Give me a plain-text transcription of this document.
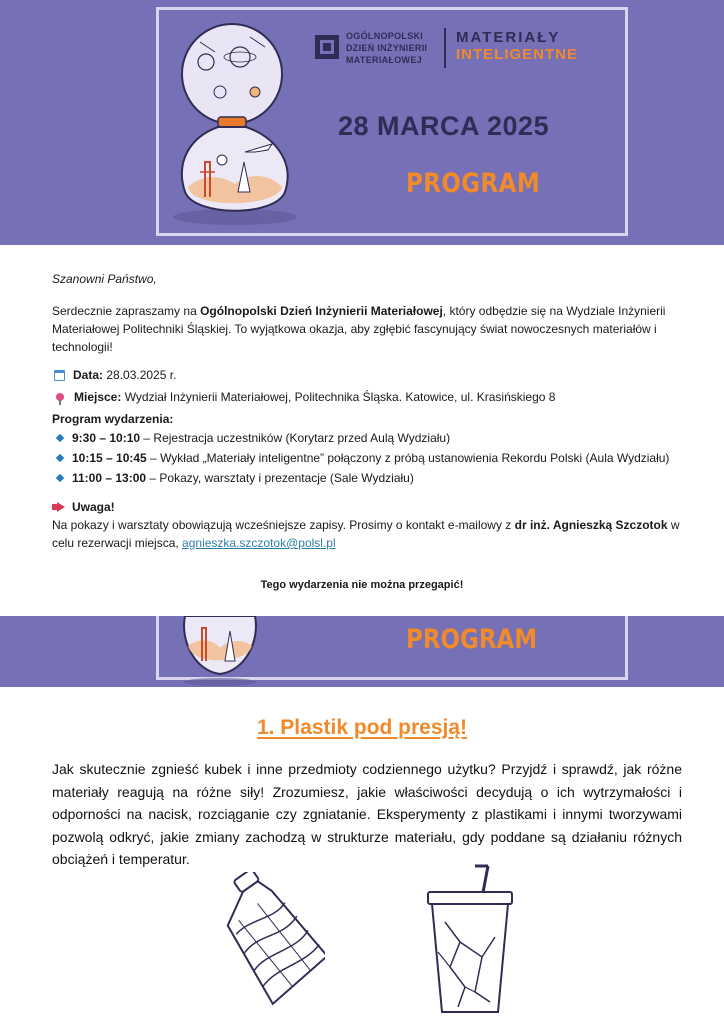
OGÓLNOPOLSKI
DZIEŃ INŻYNIERII
MATERIAŁOWEJ
MATERIAŁY
INTELIGENTNE
28 MARCA 2025
PROGRAM

Szanowni Państwo,

Serdecznie zapraszamy na Ogólnopolski Dzień Inżynierii Materiałowej, który odbędzie się na Wydziale Inżynierii Materiałowej Politechniki Śląskiej. To wyjątkowa okazja, aby zgłębić fascynujący świat nowoczesnych materiałów i technologii!

Data: 28.03.2025 r.
Miejsce: Wydział Inżynierii Materiałowej, Politechnika Śląska. Katowice, ul. Krasińskiego 8

Program wydarzenia:

9:30 – 10:10 – Rejestracja uczestników (Korytarz przed Aulą Wydziału)
10:15 – 10:45 – Wykład „Materiały inteligentne” połączony z próbą ustanowienia Rekordu Polski (Aula Wydziału)
11:00 – 13:00 – Pokazy, warsztaty i prezentacje (Sale Wydziału)
Uwaga!

Na pokazy i warsztaty obowiązują wcześniejsze zapisy. Prosimy o kontakt e-mailowy z dr inż. Agnieszką Szczotok w celu rezerwacji miejsca, agnieszka.szczotok@polsl.pl

Tego wydarzenia nie można przegapić!
PROGRAM
1. Plastik pod presją!
Jak skutecznie zgnieść kubek i inne przedmioty codziennego użytku? Przyjdź i sprawdź, jak różne materiały reagują na różne siły! Zrozumiesz, jakie właściwości decydują o ich wytrzymałości i odporności na nacisk, rozciąganie czy zgniatanie. Eksperymenty z plastikami i innymi tworzywami pozwolą odkryć, jakie zmiany zachodzą w strukturze materiału, gdy poddane są działaniu różnych obciążeń i temperatur.
